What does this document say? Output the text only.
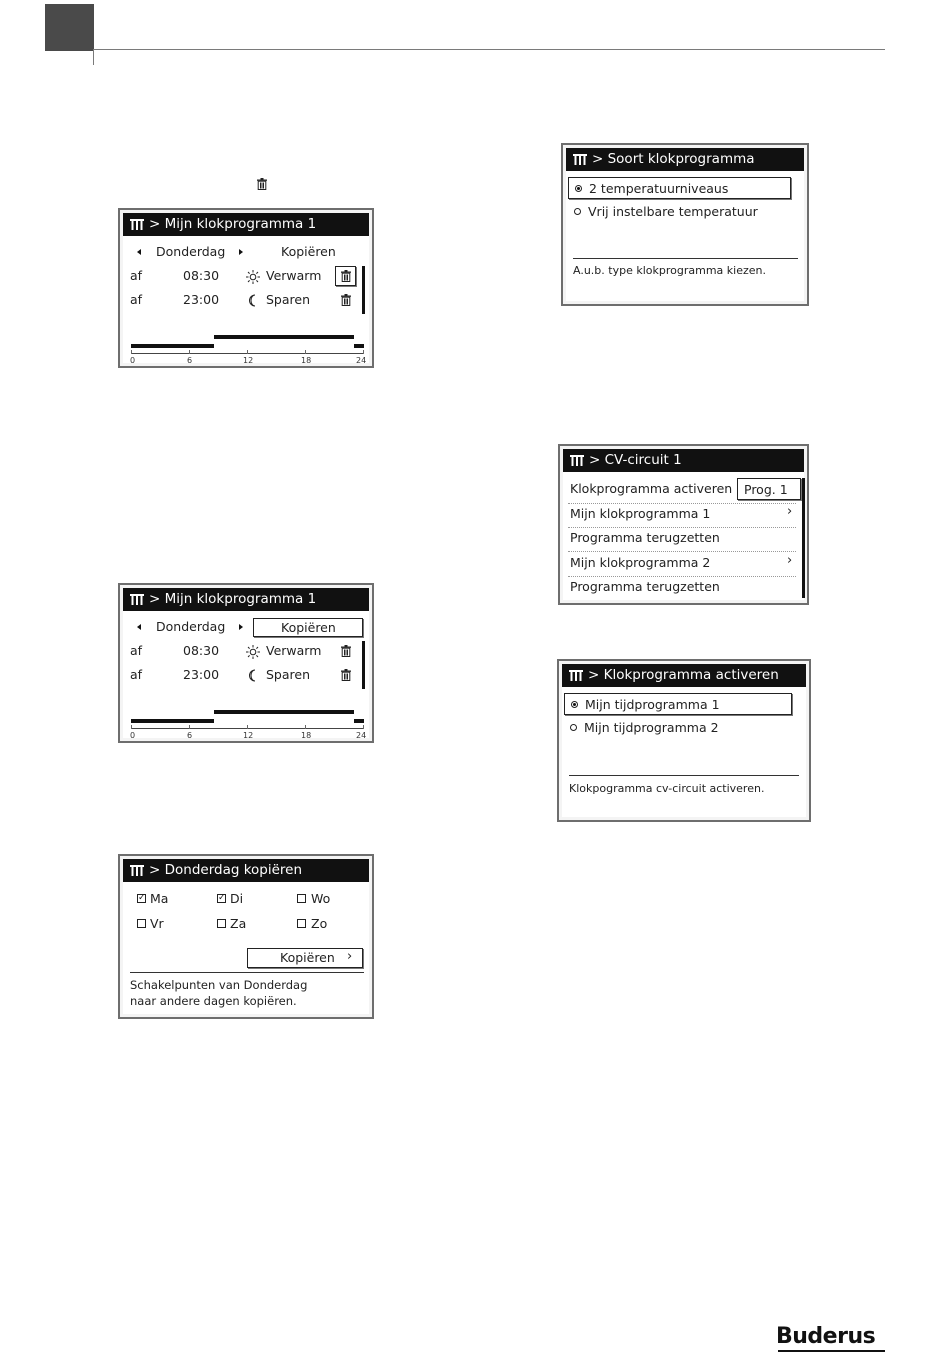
> Mijn klokprogramma 1
Donderdag	Kopiëren
af	08:30	Verwarm
af	23:00	Sparen
0	6	12	18	24
> Mijn klokprogramma 1
Donderdag	Kopiëren
af	08:30	Verwarm
af	23:00	Sparen
0	6	12	18	24
> Donderdag kopiëren
✓ Ma	✓ Di	Wo
Vr	Za	Zo
Kopiëren ›
Schakelpunten van Donderdag
naar andere dagen kopiëren.
> Soort klokprogramma
2 temperatuurniveaus
Vrij instelbare temperatuur
A.u.b. type klokprogramma kiezen.
> CV-circuit 1
Klokprogramma activeren Prog. 1
Mijn klokprogramma 1	›
Programma terugzetten
Mijn klokprogramma 2	›
Programma terugzetten
> Klokprogramma activeren
Mijn tijdprogramma 1
Mijn tijdprogramma 2
Klokpogramma cv-circuit activeren.
Buderus
